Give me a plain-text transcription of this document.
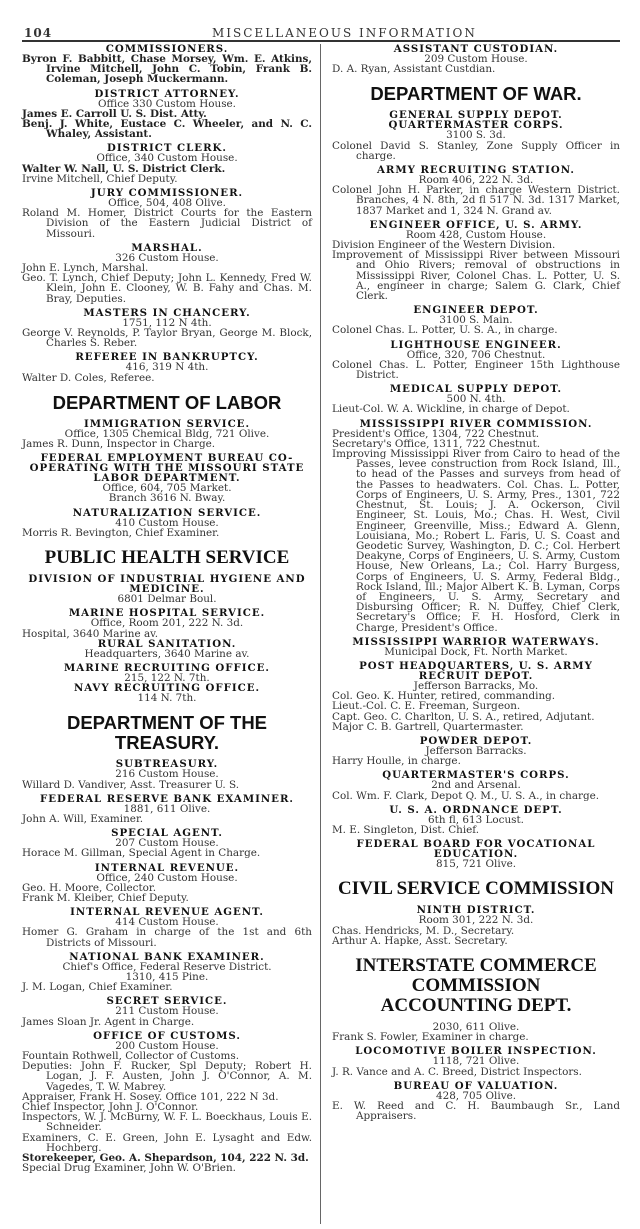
104	MISCELLANEOUS INFORMATION
COMMISSIONERS.
Byron F. Babbitt, Chase Morsey, Wm. E. Atkins, Irvine Mitchell, John C. Tobin, Frank B. Coleman, Joseph Muckermann.
DISTRICT ATTORNEY.
Office 330 Custom House.
James E. Carroll U. S. Dist. Atty.
Benj. J. White, Eustace C. Wheeler, and N. C. Whaley, Assistant.
DISTRICT CLERK.
Office, 340 Custom House.
Walter W. Nall, U. S. District Clerk.
Irvine Mitchell, Chief Deputy.
JURY COMMISSIONER.
Office, 504, 408 Olive.
Roland M. Homer, District Courts for the Eastern Division of the Eastern Judicial District of Missouri.
MARSHAL.
326 Custom House.
John E. Lynch, Marshal.
Geo. T. Lynch, Chief Deputy; John L. Kennedy, Fred W. Klein, John E. Clooney, W. B. Fahy and Chas. M. Bray, Deputies.
MASTERS IN CHANCERY.
1751, 112 N 4th.
George V. Reynolds, P. Taylor Bryan, George M. Block, Charles S. Reber.
REFEREE IN BANKRUPTCY.
416, 319 N 4th.
Walter D. Coles, Referee.
DEPARTMENT OF LABOR
IMMIGRATION SERVICE.
Office, 1305 Chemical Bldg, 721 Olive.
James R. Dunn, Inspector in Charge.
FEDERAL EMPLOYMENT BUREAU CO-OPERATING WITH THE MISSOURI STATE LABOR DEPARTMENT.
Office, 604, 705 Market.
Branch 3616 N. Bway.
NATURALIZATION SERVICE.
410 Custom House.
Morris R. Bevington, Chief Examiner.
PUBLIC HEALTH SERVICE
DIVISION OF INDUSTRIAL HYGIENE AND MEDICINE.
6801 Delmar Boul.
MARINE HOSPITAL SERVICE.
Office, Room 201, 222 N. 3d.
Hospital, 3640 Marine av.
RURAL SANITATION.
Headquarters, 3640 Marine av.
MARINE RECRUITING OFFICE.
215, 122 N. 7th.
NAVY RECRUITING OFFICE.
114 N. 7th.
DEPARTMENT OF THE TREASURY.
SUBTREASURY.
216 Custom House.
Willard D. Vandiver, Asst. Treasurer U. S.
FEDERAL RESERVE BANK EXAMINER.
1881, 611 Olive.
John A. Will, Examiner.
SPECIAL AGENT.
207 Custom House.
Horace M. Gillman, Special Agent in Charge.
INTERNAL REVENUE.
Office, 240 Custom House.
Geo. H. Moore, Collector.
Frank M. Kleiber, Chief Deputy.
INTERNAL REVENUE AGENT.
414 Custom House.
Homer G. Graham in charge of the 1st and 6th Districts of Missouri.
NATIONAL BANK EXAMINER.
Chief's Office, Federal Reserve District.
1310, 415 Pine.
J. M. Logan, Chief Examiner.
SECRET SERVICE.
211 Custom House.
James Sloan Jr. Agent in Charge.
OFFICE OF CUSTOMS.
200 Custom House.
Fountain Rothwell, Collector of Customs.
Deputies: John F. Rucker, Spl Deputy; Robert H. Logan, J. F. Austen, John J. O'Connor, A. M. Vagedes, T. W. Mabrey.
Appraiser, Frank H. Sosey. Office 101, 222 N 3d.
Chief Inspector, John J. O'Connor.
Inspectors, W. J. McBurny, W. F. L. Boeckhaus, Louis E. Schneider.
Examiners, C. E. Green, John E. Lysaght and Edw. Hochberg.
Storekeeper, Geo. A. Shepardson, 104, 222 N. 3d.
Special Drug Examiner, John W. O'Brien.
ASSISTANT CUSTODIAN.
209 Custom House.
D. A. Ryan, Assistant Custdian.
DEPARTMENT OF WAR.
GENERAL SUPPLY DEPOT. QUARTERMASTER CORPS.
3100 S. 3d.
Colonel David S. Stanley, Zone Supply Officer in charge.
ARMY RECRUITING STATION.
Room 406, 222 N. 3d.
Colonel John H. Parker, in charge Western District. Branches, 4 N. 8th, 2d fl 517 N. 3d. 1317 Market, 1837 Market and 1, 324 N. Grand av.
ENGINEER OFFICE, U. S. ARMY.
Room 428, Custom House.
Division Engineer of the Western Division.
Improvement of Mississippi River between Missouri and Ohio Rivers; removal of obstructions in Mississippi River, Colonel Chas. L. Potter, U. S. A., engineer in charge; Salem G. Clark, Chief Clerk.
ENGINEER DEPOT.
3100 S. Main.
Colonel Chas. L. Potter, U. S. A., in charge.
LIGHTHOUSE ENGINEER.
Office, 320, 706 Chestnut.
Colonel Chas. L. Potter, Engineer 15th Lighthouse District.
MEDICAL SUPPLY DEPOT.
500 N. 4th.
Lieut-Col. W. A. Wickline, in charge of Depot.
MISSISSIPPI RIVER COMMISSION.
President's Office, 1304, 722 Chestnut.
Secretary's Office, 1311, 722 Chestnut.
Improving Mississippi River from Cairo to head of the Passes, levee construction from Rock Island, Ill., to head of the Passes and surveys from head of the Passes to headwaters. Col. Chas. L. Potter, Corps of Engineers, U. S. Army, Pres., 1301, 722 Chestnut, St. Louis; J. A. Ockerson, Civil Engineer, St. Louis, Mo.; Chas. H. West, Civil Engineer, Greenville, Miss.; Edward A. Glenn, Louisiana, Mo.; Robert L. Faris, U. S. Coast and Geodetic Survey, Washington, D. C.; Col. Herbert Deakyne, Corps of Engineers, U. S. Army, Custom House, New Orleans, La.; Col. Harry Burgess, Corps of Engineers, U. S. Army, Federal Bldg., Rock Island, Ill.; Major Albert K. B. Lyman, Corps of Engineers, U. S. Army, Secretary and Disbursing Officer; R. N. Duffey, Chief Clerk, Secretary's Office; F. H. Hosford, Clerk in Charge, President's Office.
MISSISSIPPI WARRIOR WATERWAYS.
Municipal Dock, Ft. North Market.
POST HEADQUARTERS, U. S. ARMY RECRUIT DEPOT.
Jefferson Barracks, Mo.
Col. Geo. K. Hunter, retired, commanding.
Lieut.-Col. C. E. Freeman, Surgeon.
Capt. Geo. C. Charlton, U. S. A., retired, Adjutant.
Major C. B. Gartrell, Quartermaster.
POWDER DEPOT.
Jefferson Barracks.
Harry Houlle, in charge.
QUARTERMASTER'S CORPS.
2nd and Arsenal.
Col. Wm. F. Clark, Depot Q. M., U. S. A., in charge.
U. S. A. ORDNANCE DEPT.
6th fl, 613 Locust.
M. E. Singleton, Dist. Chief.
FEDERAL BOARD FOR VOCATIONAL EDUCATION.
815, 721 Olive.
CIVIL SERVICE COMMISSION
NINTH DISTRICT.
Room 301, 222 N. 3d.
Chas. Hendricks, M. D., Secretary.
Arthur A. Hapke, Asst. Secretary.
INTERSTATE COMMERCE COMMISSION ACCOUNTING DEPT.
2030, 611 Olive.
Frank S. Fowler, Examiner in charge.
LOCOMOTIVE BOILER INSPECTION.
1118, 721 Olive.
J. R. Vance and A. C. Breed, District Inspectors.
BUREAU OF VALUATION.
428, 705 Olive.
E. W. Reed and C. H. Baumbaugh Sr., Land Appraisers.
